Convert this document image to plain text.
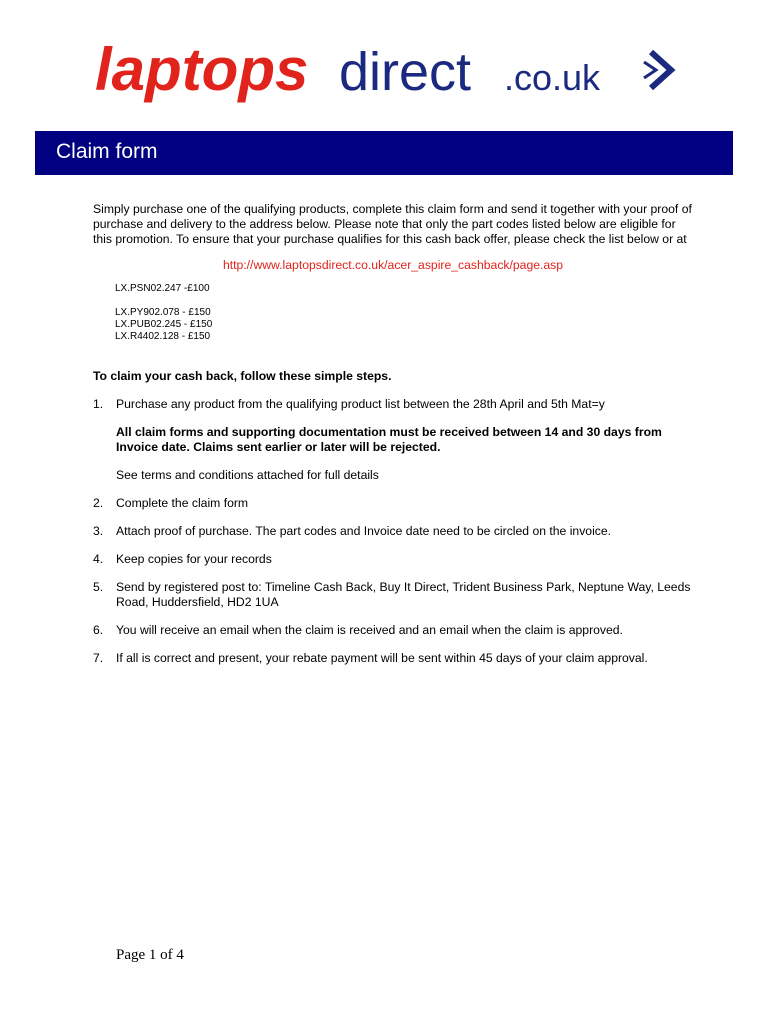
laptops direct .co.uk
Claim form

Simply purchase one of the qualifying products, complete this claim form and send it together with your proof of purchase and delivery to the address below. Please note that only the part codes listed below are eligible for this promotion. To ensure that your purchase qualifies for this cash back offer, please check the list below or at

http://www.laptopsdirect.co.uk/acer_aspire_cashback/page.asp
LX.PSN02.247 -£100
LX.PY902.078 - £150
LX.PUB02.245 - £150
LX.R4402.128 - £150
To claim your cash back, follow these simple steps.
1. Purchase any product from the qualifying product list between the 28th April and 5th Mat=y
All claim forms and supporting documentation must be received between 14 and 30 days from Invoice date. Claims sent earlier or later will be rejected.
See terms and conditions attached for full details
2. Complete the claim form
3. Attach proof of purchase. The part codes and Invoice date need to be circled on the invoice.
4. Keep copies for your records
5. Send by registered post to: Timeline Cash Back, Buy It Direct, Trident Business Park, Neptune Way, Leeds Road, Huddersfield, HD2 1UA
6. You will receive an email when the claim is received and an email when the claim is approved.
7. If all is correct and present, your rebate payment will be sent within 45 days of your claim approval.
Page 1 of 4
